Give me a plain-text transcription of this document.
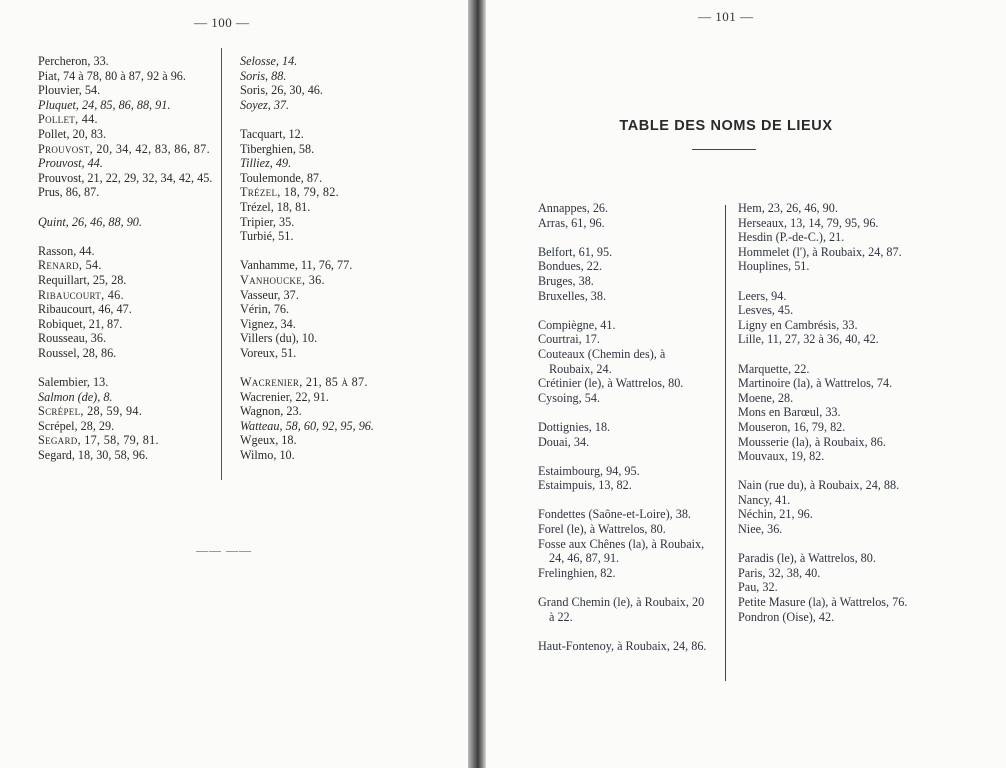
— 100 —
Percheron, 33.
Piat, 74 à 78, 80 à 87, 92 à 96.
Plouvier, 54.
Pluquet, 24, 85, 86, 88, 91.
Pollet, 44.
Pollet, 20, 83.
Prouvost, 20, 34, 42, 83, 86, 87.
Prouvost, 44.
Prouvost, 21, 22, 29, 32, 34, 42, 45.
Prus, 86, 87.
Quint, 26, 46, 88, 90.
Rasson, 44.
Renard, 54.
Requillart, 25, 28.
Ribaucourt, 46.
Ribaucourt, 46, 47.
Robiquet, 21, 87.
Rousseau, 36.
Roussel, 28, 86.
Salembier, 13.
Salmon (de), 8.
Scrépel, 28, 59, 94.
Scrépel, 28, 29.
Segard, 17, 58, 79, 81.
Segard, 18, 30, 58, 96.
Selosse, 14.
Soris, 88.
Soris, 26, 30, 46.
Soyez, 37.
Tacquart, 12.
Tiberghien, 58.
Tilliez, 49.
Toulemonde, 87.
Trézel, 18, 79, 82.
Trézel, 18, 81.
Tripier, 35.
Turbié, 51.
Vanhamme, 11, 76, 77.
Vanhoucke, 36.
Vasseur, 37.
Vérin, 76.
Vignez, 34.
Villers (du), 10.
Voreux, 51.
Wacrenier, 21, 85 à 87.
Wacrenier, 22, 91.
Wagnon, 23.
Watteau, 58, 60, 92, 95, 96.
Wgeux, 18.
Wilmo, 10.
—— ——
— 101 —
TABLE DES NOMS DE LIEUX
Annappes, 26.
Arras, 61, 96.
Belfort, 61, 95.
Bondues, 22.
Bruges, 38.
Bruxelles, 38.
Compiègne, 41.
Courtrai, 17.
Couteaux (Chemin des), à Roubaix, 24.
Crétinier (le), à Wattrelos, 80.
Cysoing, 54.
Dottignies, 18.
Douai, 34.
Estaimbourg, 94, 95.
Estaimpuis, 13, 82.
Fondettes (Saône-et-Loire), 38.
Forel (le), à Wattrelos, 80.
Fosse aux Chênes (la), à Roubaix, 24, 46, 87, 91.
Frelinghien, 82.
Grand Chemin (le), à Roubaix, 20 à 22.
Haut-Fontenoy, à Roubaix, 24, 86.
Hem, 23, 26, 46, 90.
Herseaux, 13, 14, 79, 95, 96.
Hesdin (P.-de-C.), 21.
Hommelet (l'), à Roubaix, 24, 87.
Houplines, 51.
Leers, 94.
Lesves, 45.
Ligny en Cambrésis, 33.
Lille, 11, 27, 32 à 36, 40, 42.
Marquette, 22.
Martinoire (la), à Wattrelos, 74.
Moene, 28.
Mons en Barœul, 33.
Mouseron, 16, 79, 82.
Mousserie (la), à Roubaix, 86.
Mouvaux, 19, 82.
Nain (rue du), à Roubaix, 24, 88.
Nancy, 41.
Néchin, 21, 96.
Niee, 36.
Paradis (le), à Wattrelos, 80.
Paris, 32, 38, 40.
Pau, 32.
Petite Masure (la), à Wattrelos, 76.
Pondron (Oise), 42.
